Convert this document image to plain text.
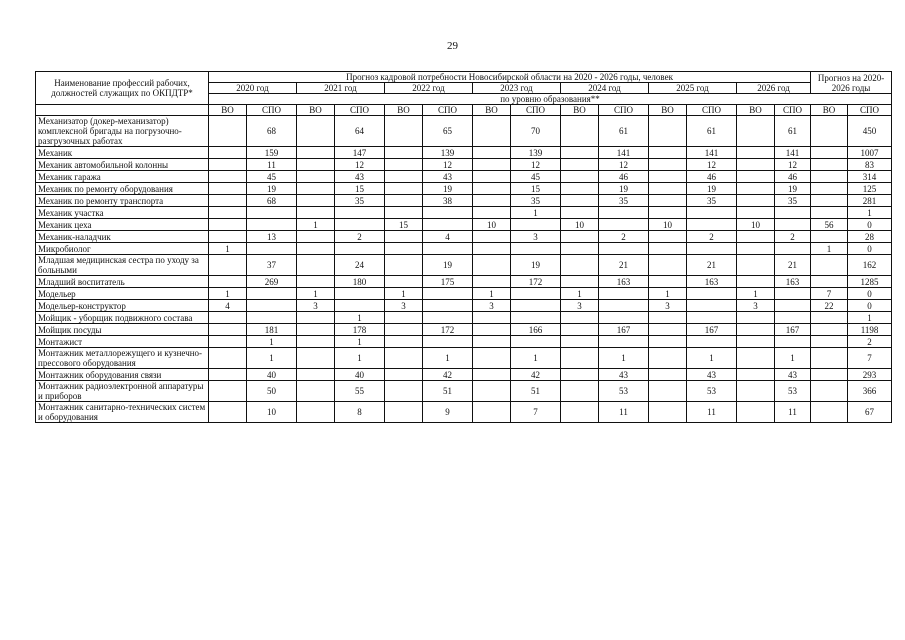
29
Наименование профессий рабочих, должностей служащих по ОКПДТР*	Прогноз кадровой потребности Новосибирской области на 2020 - 2026 годы, человек														Прогноз на 2020-2026 годы	
	2020 год		2021 год		2022 год		2023 год		2024 год		2025 год		2026 год			
	по уровню образования**															
	ВО	СПО	ВО	СПО	ВО	СПО	ВО	СПО	ВО	СПО	ВО	СПО	ВО	СПО	ВО	СПО
Механизатор (докер-механизатор) комплексной бригады на погрузочно-разгрузочных работах		68		64		65		70		61		61		61		450
Механик		159		147		139		139		141		141		141		1007
Механик автомобильной колонны		11		12		12		12		12		12		12		83
Механик гаража		45		43		43		45		46		46		46		314
Механик по ремонту оборудования		19		15		19		15		19		19		19		125
Механик по ремонту транспорта		68		35		38		35		35		35		35		281
Механик участка								1								1
Механик цеха			1		15		10		10		10		10		56	0
Механик-наладчик		13		2		4		3		2		2		2		28
Микробиолог	1														1	0
Младшая медицинская сестра по уходу за больными		37		24		19		19		21		21		21		162
Младший воспитатель		269		180		175		172		163		163		163		1285
Модельер	1		1		1		1		1		1		1		7	0
Модельер-конструктор	4		3		3		3		3		3		3		22	0
Мойщик - уборщик подвижного состава				1												1
Мойщик посуды		181		178		172		166		167		167		167		1198
Монтажист		1		1												2
Монтажник металлорежущего и кузнечно-прессового оборудования		1		1		1		1		1		1		1		7
Монтажник оборудования связи		40		40		42		42		43		43		43		293
Монтажник радиоэлектронной аппаратуры и приборов		50		55		51		51		53		53		53		366
Монтажник санитарно-технических систем и оборудования		10		8		9		7		11		11		11		67
